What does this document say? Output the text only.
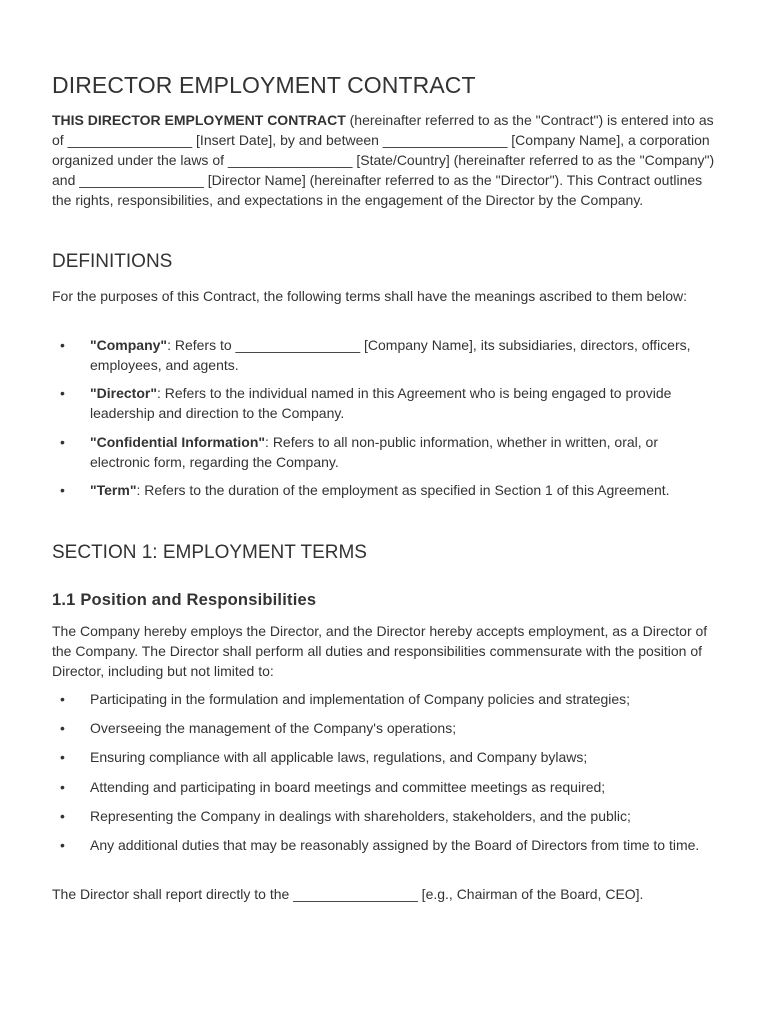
DIRECTOR EMPLOYMENT CONTRACT

THIS DIRECTOR EMPLOYMENT CONTRACT (hereinafter referred to as the "Contract") is entered into as of ________________ [Insert Date], by and between ________________ [Company Name], a corporation organized under the laws of ________________ [State/Country] (hereinafter referred to as the "Company") and ________________ [Director Name] (hereinafter referred to as the "Director"). This Contract outlines the rights, responsibilities, and expectations in the engagement of the Director by the Company.

DEFINITIONS

For the purposes of this Contract, the following terms shall have the meanings ascribed to them below:

• "Company": Refers to ________________ [Company Name], its subsidiaries, directors, officers, employees, and agents.
• "Director": Refers to the individual named in this Agreement who is being engaged to provide leadership and direction to the Company.
• "Confidential Information": Refers to all non-public information, whether in written, oral, or electronic form, regarding the Company.
• "Term": Refers to the duration of the employment as specified in Section 1 of this Agreement.
SECTION 1: EMPLOYMENT TERMS
1.1 Position and Responsibilities

The Company hereby employs the Director, and the Director hereby accepts employment, as a Director of the Company. The Director shall perform all duties and responsibilities commensurate with the position of Director, including but not limited to:

• Participating in the formulation and implementation of Company policies and strategies;
• Overseeing the management of the Company's operations;
• Ensuring compliance with all applicable laws, regulations, and Company bylaws;
• Attending and participating in board meetings and committee meetings as required;
• Representing the Company in dealings with shareholders, stakeholders, and the public;
• Any additional duties that may be reasonably assigned by the Board of Directors from time to time.

The Director shall report directly to the ________________ [e.g., Chairman of the Board, CEO].
